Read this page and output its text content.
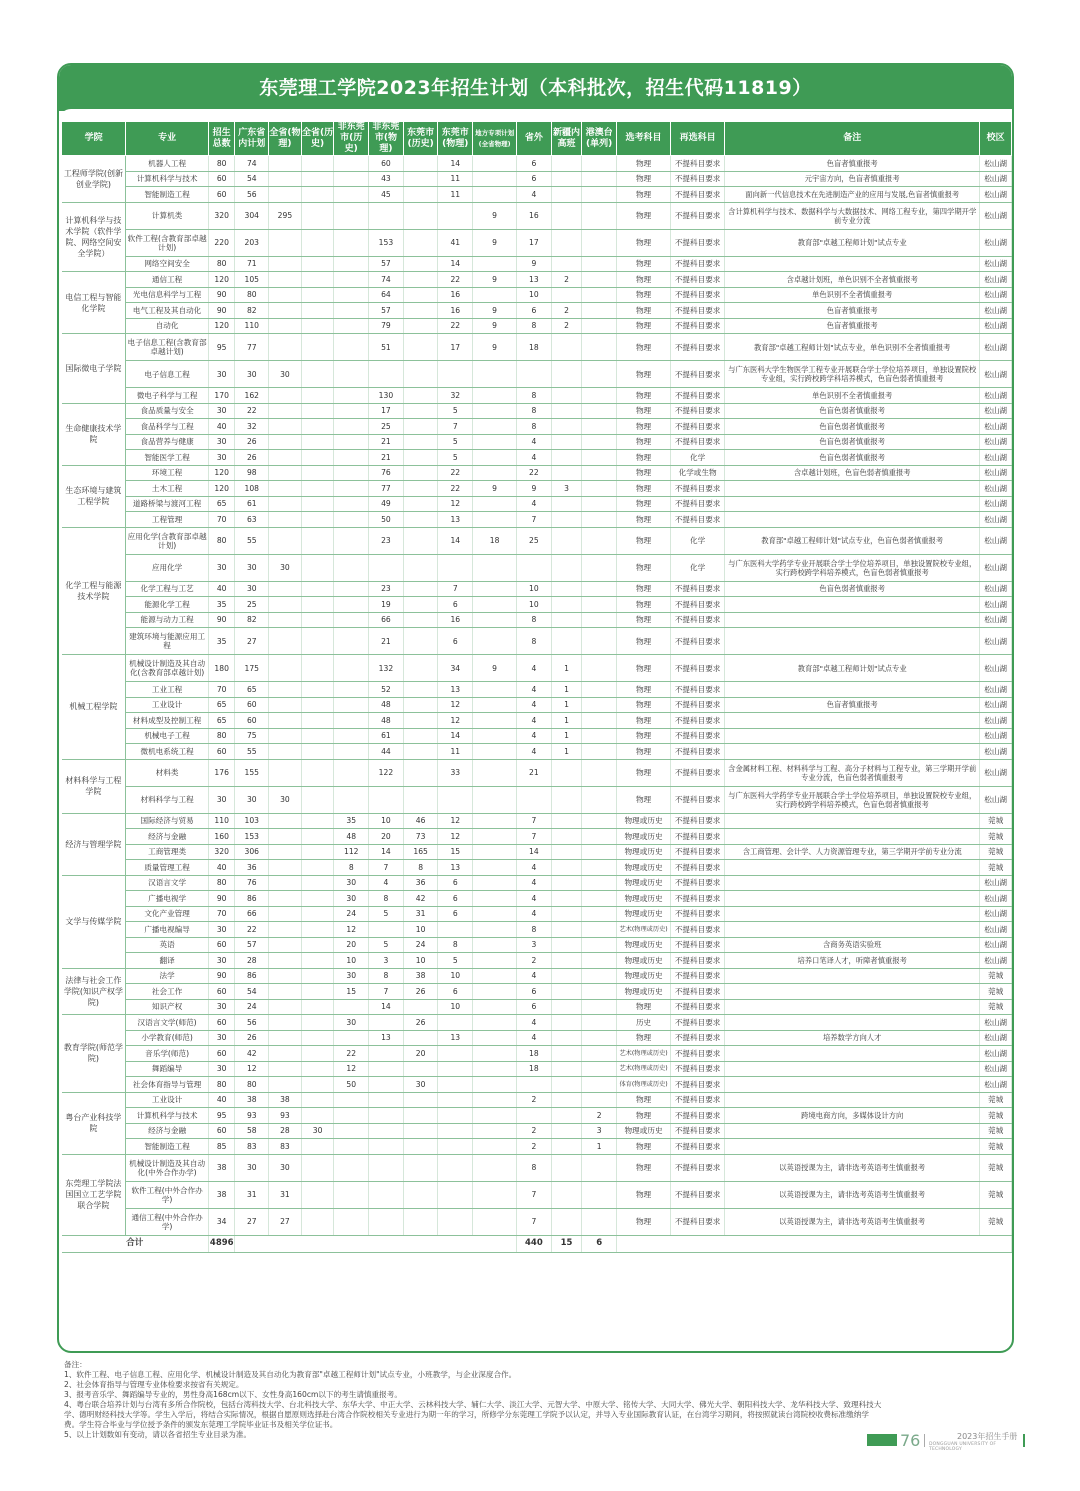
东莞理工学院2023年招生计划（本科批次，招生代码11819）
学院	专业	招生总数	广东省内计划	全省(物理)	全省(历史)	非东莞市(历史)	非东莞市(物理)	东莞市(历史)	东莞市(物理)	地方专项计划(全省物理)	省外	新疆内高班	港澳台(单列)	选考科目	再选科目	备注	校区
工程师学院(创新创业学院)	机器人工程	80	74				60		14		6			物理	不提科目要求	色盲者慎重报考	松山湖
	计算机科学与技术	60	54				43		11		6			物理	不提科目要求	元宇宙方向，色盲者慎重报考	松山湖
	智能制造工程	60	56				45		11		4			物理	不提科目要求	面向新一代信息技术在先进制造产业的应用与发展,色盲者慎重报考	松山湖
计算机科学与技术学院（软件学院、网络空间安全学院）	计算机类	320	304	295						9	16			物理	不提科目要求	含计算机科学与技术、数据科学与大数据技术、网络工程专业，第四学期开学前专业分流	松山湖
	软件工程(含教育部卓越计划)	220	203				153		41	9	17			物理	不提科目要求	教育部"卓越工程师计划"试点专业	松山湖
	网络空间安全	80	71				57		14		9			物理	不提科目要求		松山湖
电信工程与智能化学院	通信工程	120	105				74		22	9	13	2		物理	不提科目要求	含卓越计划班，单色识别不全者慎重报考	松山湖
	光电信息科学与工程	90	80				64		16		10			物理	不提科目要求	单色识别不全者慎重报考	松山湖
	电气工程及其自动化	90	82				57		16	9	6	2		物理	不提科目要求	色盲者慎重报考	松山湖
	自动化	120	110				79		22	9	8	2		物理	不提科目要求	色盲者慎重报考	松山湖
国际微电子学院	电子信息工程(含教育部卓越计划)	95	77				51		17	9	18			物理	不提科目要求	教育部"卓越工程师计划"试点专业，单色识别不全者慎重报考	松山湖
	电子信息工程	30	30	30										物理	不提科目要求	与广东医科大学生物医学工程专业开展联合学士学位培养项目，单独设置院校专业组，实行跨校跨学科培养模式，色盲色弱者慎重报考	松山湖
	微电子科学与工程	170	162				130		32		8			物理	不提科目要求	单色识别不全者慎重报考	松山湖
生命健康技术学院	食品质量与安全	30	22				17		5		8			物理	不提科目要求	色盲色弱者慎重报考	松山湖
	食品科学与工程	40	32				25		7		8			物理	不提科目要求	色盲色弱者慎重报考	松山湖
	食品营养与健康	30	26				21		5		4			物理	不提科目要求	色盲色弱者慎重报考	松山湖
	智能医学工程	30	26				21		5		4			物理	化学	色盲色弱者慎重报考	松山湖
生态环境与建筑工程学院	环境工程	120	98				76		22		22			物理	化学或生物	含卓越计划班，色盲色弱者慎重报考	松山湖
	土木工程	120	108				77		22	9	9	3		物理	不提科目要求		松山湖
	道路桥梁与渡河工程	65	61				49		12		4			物理	不提科目要求		松山湖
	工程管理	70	63				50		13		7			物理	不提科目要求		松山湖
化学工程与能源技术学院	应用化学(含教育部卓越计划)	80	55				23		14	18	25			物理	化学	教育部"卓越工程师计划"试点专业，色盲色弱者慎重报考	松山湖
	应用化学	30	30	30										物理	化学	与广东医科大学药学专业开展联合学士学位培养项目，单独设置院校专业组，实行跨校跨学科培养模式，色盲色弱者慎重报考	松山湖
	化学工程与工艺	40	30				23		7		10			物理	不提科目要求	色盲色弱者慎重报考	松山湖
	能源化学工程	35	25				19		6		10			物理	不提科目要求		松山湖
	能源与动力工程	90	82				66		16		8			物理	不提科目要求		松山湖
	建筑环境与能源应用工程	35	27				21		6		8			物理	不提科目要求		松山湖
机械工程学院	机械设计制造及其自动化(含教育部卓越计划)	180	175				132		34	9	4	1		物理	不提科目要求	教育部"卓越工程师计划"试点专业	松山湖
	工业工程	70	65				52		13		4	1		物理	不提科目要求		松山湖
	工业设计	65	60				48		12		4	1		物理	不提科目要求	色盲者慎重报考	松山湖
	材料成型及控制工程	65	60				48		12		4	1		物理	不提科目要求		松山湖
	机械电子工程	80	75				61		14		4	1		物理	不提科目要求		松山湖
	微机电系统工程	60	55				44		11		4	1		物理	不提科目要求		松山湖
材料科学与工程学院	材料类	176	155				122		33		21			物理	不提科目要求	含金属材料工程、材料科学与工程、高分子材料与工程专业，第三学期开学前专业分流，色盲色弱者慎重报考	松山湖
	材料科学与工程	30	30	30										物理	不提科目要求	与广东医科大学药学专业开展联合学士学位培养项目，单独设置院校专业组，实行跨校跨学科培养模式，色盲色弱者慎重报考	松山湖
经济与管理学院	国际经济与贸易	110	103			35	10	46	12		7			物理或历史	不提科目要求		莞城
	经济与金融	160	153			48	20	73	12		7			物理或历史	不提科目要求		莞城
	工商管理类	320	306			112	14	165	15		14			物理或历史	不提科目要求	含工商管理、会计学、人力资源管理专业，第三学期开学前专业分流	莞城
	质量管理工程	40	36			8	7	8	13		4			物理或历史	不提科目要求		莞城
文学与传媒学院	汉语言文学	80	76			30	4	36	6		4			物理或历史	不提科目要求		松山湖
	广播电视学	90	86			30	8	42	6		4			物理或历史	不提科目要求		松山湖
	文化产业管理	70	66			24	5	31	6		4			物理或历史	不提科目要求		松山湖
	广播电视编导	30	22			12		10			8			艺术(物理或历史)	不提科目要求		松山湖
	英语	60	57			20	5	24	8		3			物理或历史	不提科目要求	含商务英语实验班	松山湖
	翻译	30	28			10	3	10	5		2			物理或历史	不提科目要求	培养口笔译人才，听障者慎重报考	松山湖
法律与社会工作学院(知识产权学院)	法学	90	86			30	8	38	10		4			物理或历史	不提科目要求		莞城
	社会工作	60	54			15	7	26	6		6			物理或历史	不提科目要求		莞城
	知识产权	30	24				14		10		6			物理	不提科目要求		莞城
教育学院(师范学院)	汉语言文学(师范)	60	56			30		26			4			历史	不提科目要求		松山湖
	小学教育(师范)	30	26				13		13		4			物理	不提科目要求	培养数学方向人才	松山湖
	音乐学(师范)	60	42			22		20			18			艺术(物理或历史)	不提科目要求		松山湖
	舞蹈编导	30	12			12					18			艺术(物理或历史)	不提科目要求		松山湖
	社会体育指导与管理	80	80			50		30						体育(物理或历史)	不提科目要求		松山湖
粤台产业科技学院	工业设计	40	38	38							2			物理	不提科目要求		莞城
	计算机科学与技术	95	93	93									2	物理	不提科目要求	跨境电商方向，多媒体设计方向	莞城
	经济与金融	60	58	28	30						2		3	物理或历史	不提科目要求		莞城
	智能制造工程	85	83	83							2		1	物理	不提科目要求		莞城
东莞理工学院法国国立工艺学院联合学院	机械设计制造及其自动化(中外合作办学)	38	30	30							8			物理	不提科目要求	以英语授课为主，请非选考英语考生慎重报考	莞城
	软件工程(中外合作办学)	38	31	31							7			物理	不提科目要求	以英语授课为主，请非选考英语考生慎重报考	莞城
	通信工程(中外合作办学)	34	27	27							7			物理	不提科目要求	以英语授课为主，请非选考英语考生慎重报考	莞城
合计		4896									440	15	6				
备注：
1、软件工程、电子信息工程、应用化学、机械设计制造及其自动化为教育部"卓越工程师计划"试点专业，小班教学，与企业深度合作。
2、社会体育指导与管理专业体检要求按省有关规定。
3、报考音乐学、舞蹈编导专业的，男性身高168cm以下、女性身高160cm以下的考生请慎重报考。
4、粤台联合培养计划与台湾有多所合作院校，包括台湾科技大学、台北科技大学、东华大学、中正大学、云林科技大学、辅仁大学、淡江大学、元智大学、中原大学、铭传大学、大同大学、佛光大学、朝阳科技大学、龙华科技大学、致理科技大学、德明财经科技大学等。学生入学后，将结合实际情况，根据自愿原则选择赴台湾合作院校相关专业进行为期一年的学习，所修学分东莞理工学院予以认定，并导入专业国际教育认证，在台湾学习期间，将按照就读台湾院校收费标准缴纳学费。学生符合毕业与学位授予条件的颁发东莞理工学院毕业证书及相关学位证书。
5、以上计划数如有变动，请以各省招生专业目录为准。	76	2023年招生手册
DONGGUAN UNIVERSITY OF TECHNOLOGY
